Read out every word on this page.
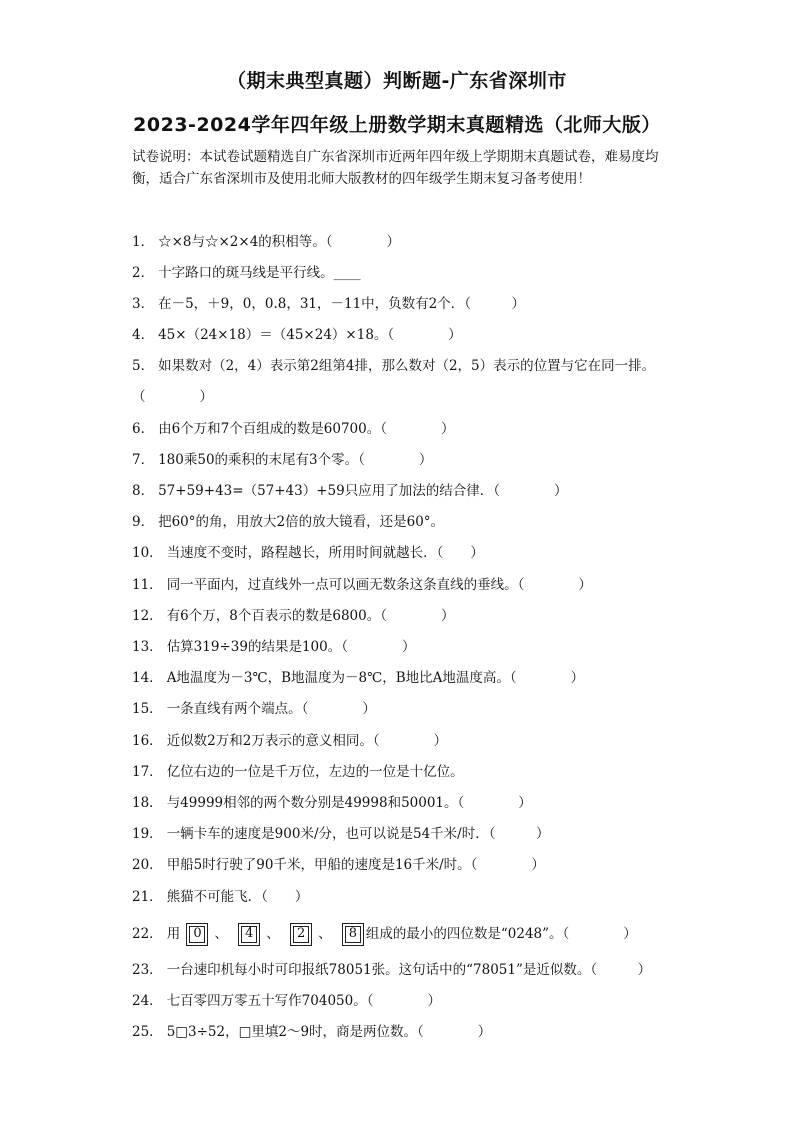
（期末典型真题）判断题-广东省深圳市
2023-2024学年四年级上册数学期末真题精选（北师大版）
试卷说明：本试卷试题精选自广东省深圳市近两年四年级上学期期末真题试卷，难易度均衡，适合广东省深圳市及使用北师大版教材的四年级学生期末复习备考使用！
1． ☆×8与☆×2×4的积相等。（　　　　）
2． 十字路口的斑马线是平行线。____
3． 在－5，＋9，0，0.8，31，－11中，负数有2个．（　　　）
4． 45×（24×18）＝（45×24）×18。（　　　　）
5． 如果数对（2，4）表示第2组第4排，那么数对（2，5）表示的位置与它在同一排。
（　　　　）
6． 由6个万和7个百组成的数是60700。（　　　　）
7． 180乘50的乘积的末尾有3个零。（　　　　）
8． 57+59+43=（57+43）+59只应用了加法的结合律．（　　　　）
9． 把60°的角，用放大2倍的放大镜看，还是60°。
10． 当速度不变时，路程越长，所用时间就越长．（　　）
11． 同一平面内，过直线外一点可以画无数条这条直线的垂线。（　　　　）
12． 有6个万，8个百表示的数是6800。（　　　　）
13． 估算319÷39的结果是100。（　　　　）
14． A地温度为－3℃，B地温度为－8℃，B地比A地温度高。（　　　　）
15． 一条直线有两个端点。（　　　　）
16． 近似数2万和2万表示的意义相同。（　　　　）
17． 亿位右边的一位是千万位，左边的一位是十亿位。
18． 与49999相邻的两个数分别是49998和50001。（　　　　）
19． 一辆卡车的速度是900米/分，也可以说是54千米/时．（　　　）
20． 甲船5时行驶了90千米，甲船的速度是16千米/时。（　　　　）
21． 熊猫不可能飞．（　　）
22． 用 0 、 4 、 2 、 8 组成的最小的四位数是“0248”。（　　　　）
23． 一台速印机每小时可印报纸78051张。这句话中的“78051”是近似数。（　　　）
24． 七百零四万零五十写作704050。（　　　　）
25． 5□3÷52，□里填2～9时，商是两位数。（　　　　）
